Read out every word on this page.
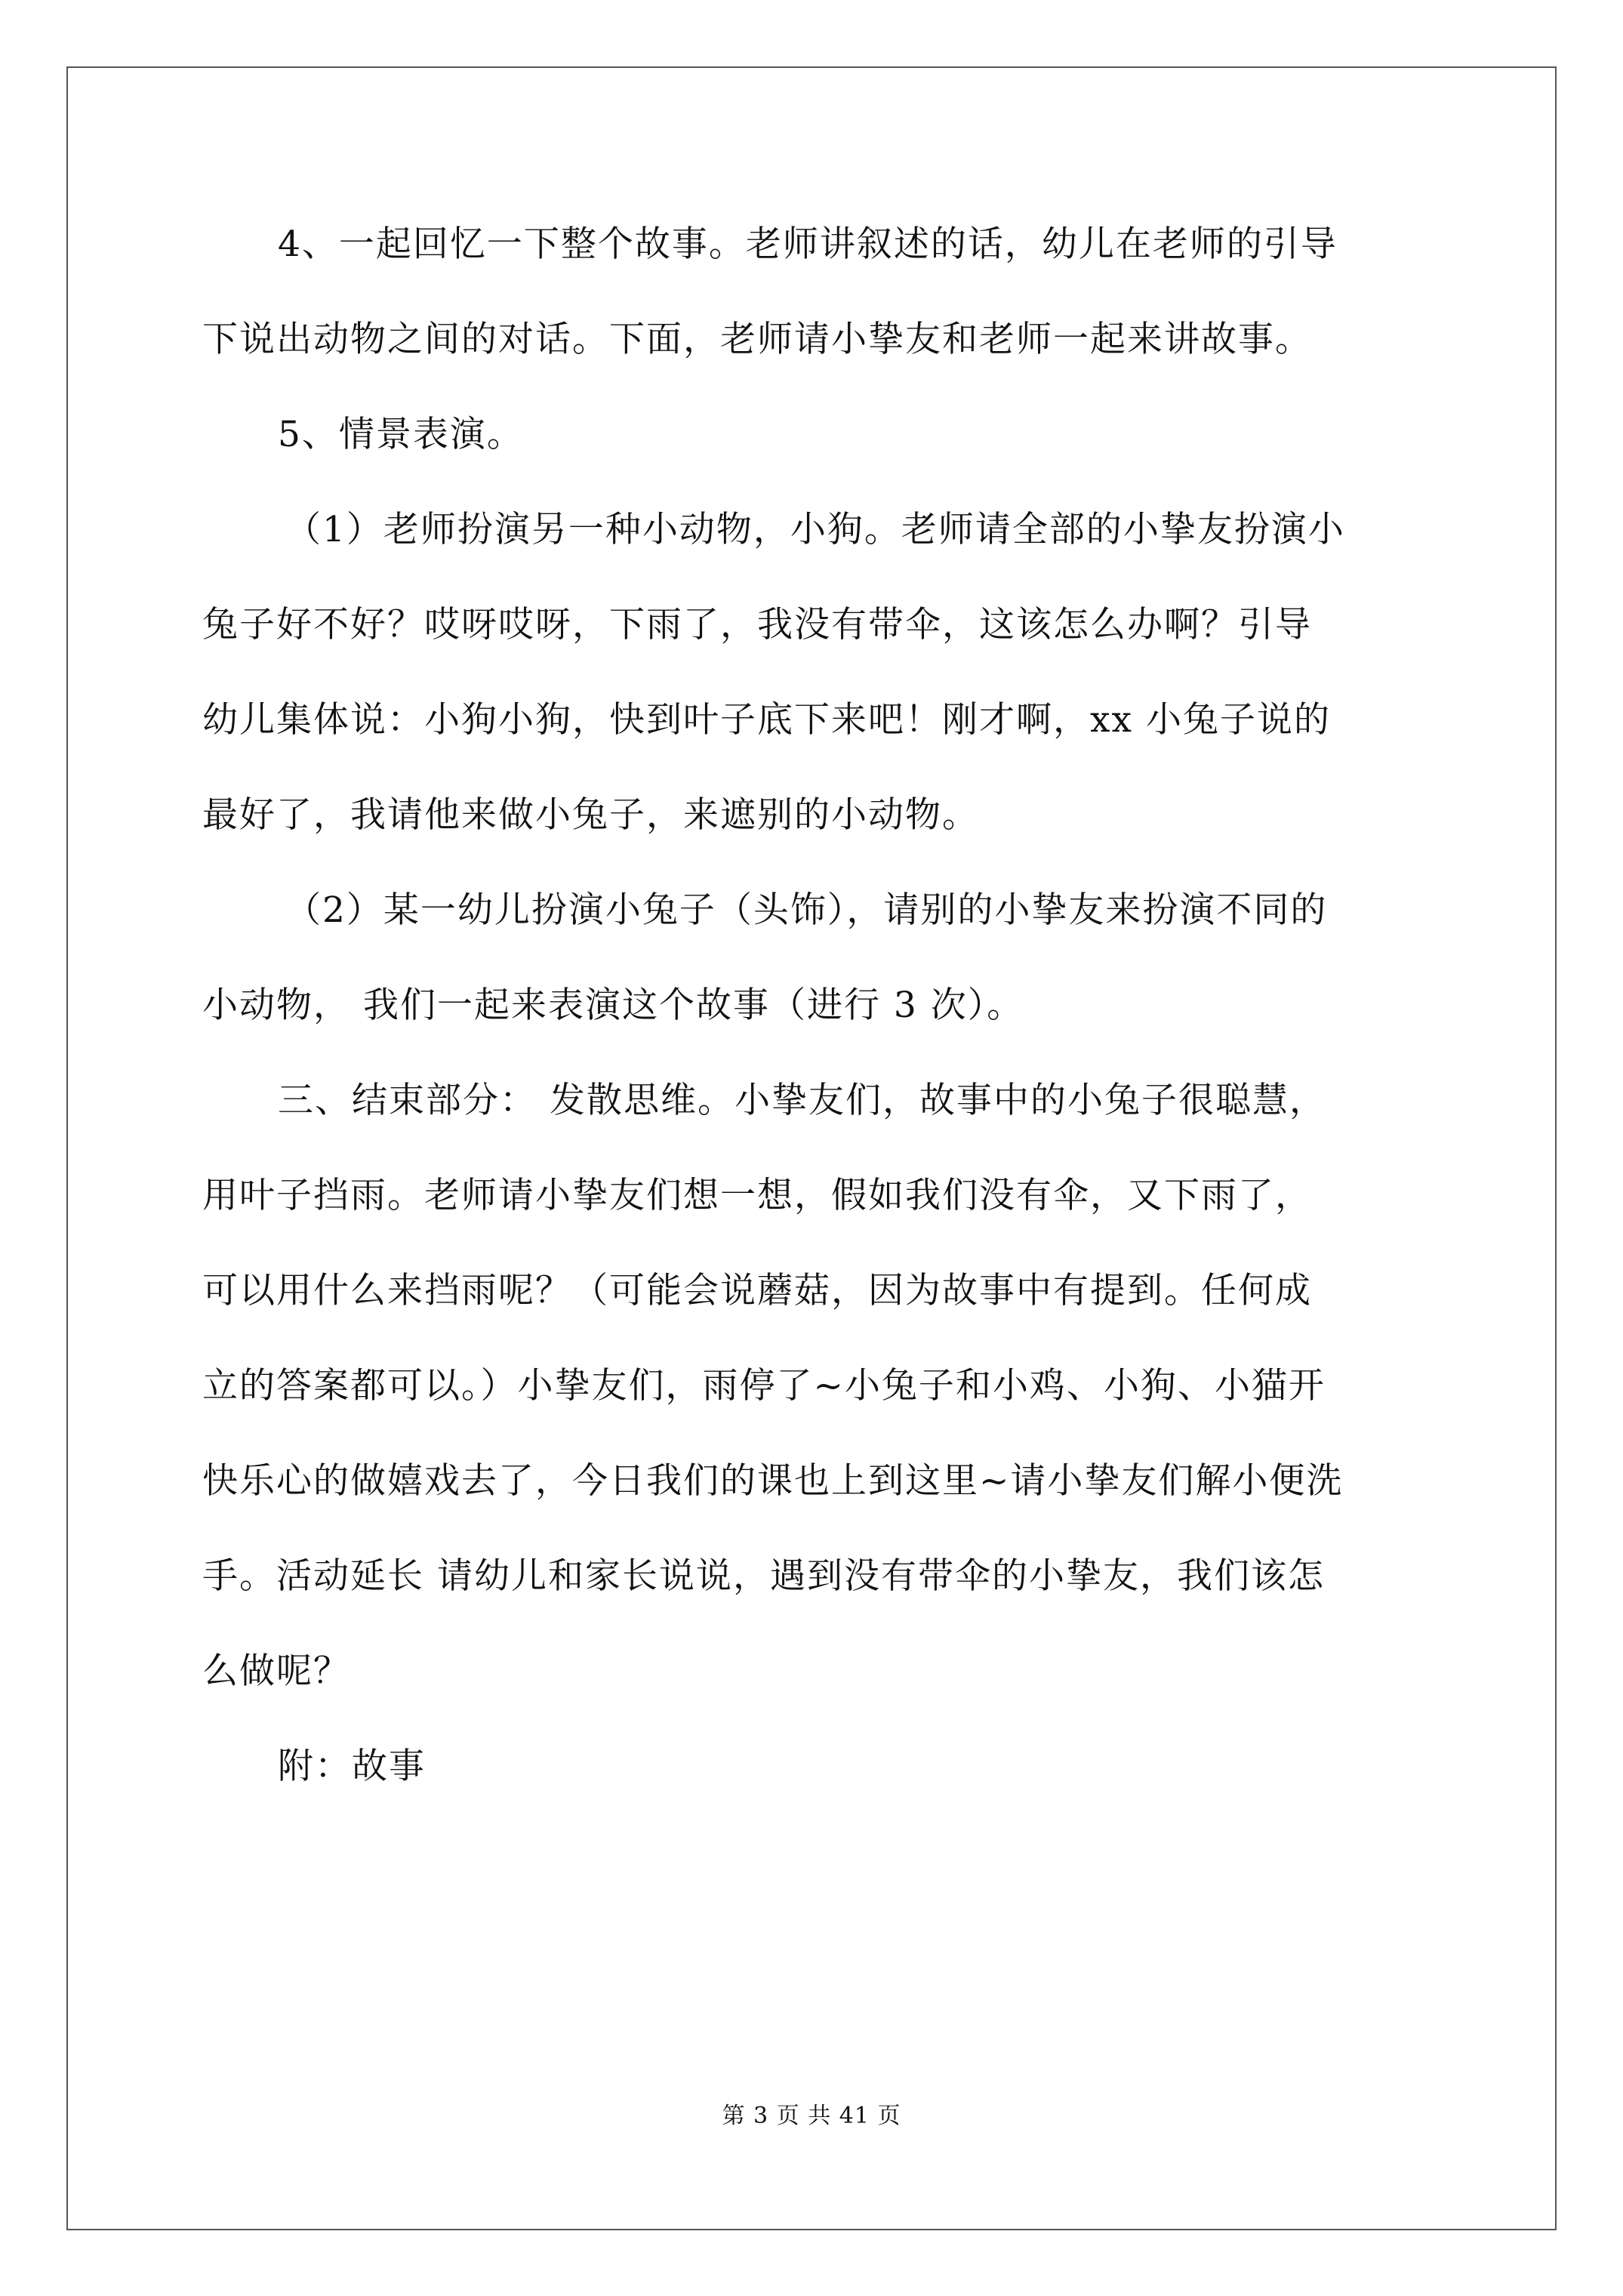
4、一起回忆一下整个故事。老师讲叙述的话，幼儿在老师的引导
下说出动物之间的对话。下面，老师请小挚友和老师一起来讲故事。
5、情景表演。
（1）老师扮演另一种小动物，小狗。老师请全部的小挚友扮演小
兔子好不好？哎呀哎呀，下雨了，我没有带伞，这该怎么办啊？引导
幼儿集体说：小狗小狗，快到叶子底下来吧！刚才啊，xx 小兔子说的
最好了，我请他来做小兔子，来遮别的小动物。
（2）某一幼儿扮演小兔子（头饰），请别的小挚友来扮演不同的
小动物， 我们一起来表演这个故事（进行 3 次）。
三、结束部分： 发散思维。小挚友们，故事中的小兔子很聪慧，
用叶子挡雨。老师请小挚友们想一想，假如我们没有伞，又下雨了，
可以用什么来挡雨呢？（可能会说蘑菇，因为故事中有提到。任何成
立的答案都可以。）小挚友们，雨停了~小兔子和小鸡、小狗、小猫开
快乐心的做嬉戏去了，今日我们的课也上到这里~请小挚友们解小便洗
手。活动延长 请幼儿和家长说说，遇到没有带伞的小挚友，我们该怎
么做呢？
附：故事
第 3 页 共 41 页
